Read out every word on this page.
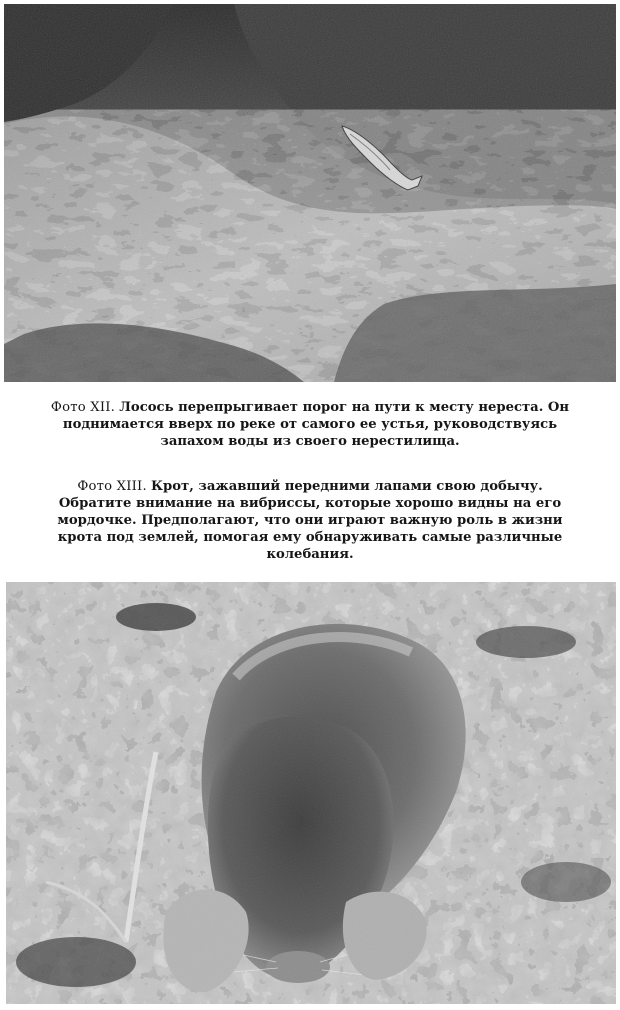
Фото XII. Лосось перепрыгивает порог на пути к месту нереста. Он поднимается вверх по реке от самого ее устья, руководствуясь запахом воды из своего нерестилища.

Фото XIII. Крот, зажавший передними лапами свою добычу. Обратите внимание на вибриссы, которые хорошо видны на его мордочке. Предполагают, что они играют важную роль в жизни крота под землей, помогая ему обнаруживать самые различные колебания.
